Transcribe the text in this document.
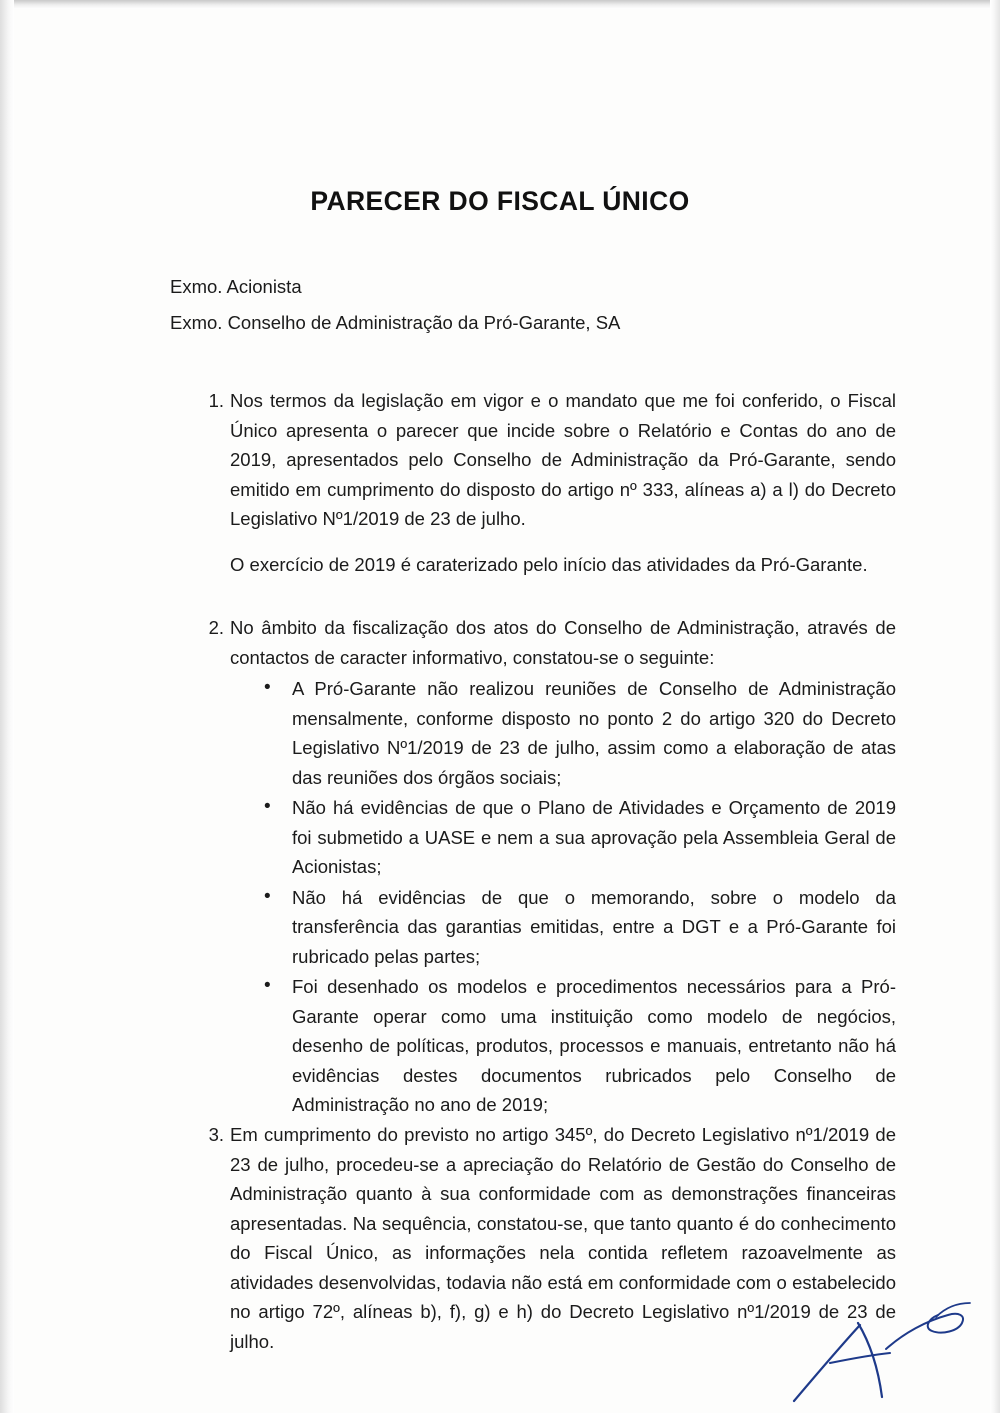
PARECER DO FISCAL ÚNICO
Exmo. Acionista
Exmo. Conselho de Administração da Pró-Garante, SA
1. Nos termos da legislação em vigor e o mandato que me foi conferido, o Fiscal Único apresenta o parecer que incide sobre o Relatório e Contas do ano de 2019, apresentados pelo Conselho de Administração da Pró-Garante, sendo emitido em cumprimento do disposto do artigo nº 333, alíneas a) a l) do Decreto Legislativo Nº1/2019 de 23 de julho.
O exercício de 2019 é caraterizado pelo início das atividades da Pró-Garante.
2. No âmbito da fiscalização dos atos do Conselho de Administração, através de contactos de caracter informativo, constatou-se o seguinte:
• A Pró-Garante não realizou reuniões de Conselho de Administração mensalmente, conforme disposto no ponto 2 do artigo 320 do Decreto Legislativo Nº1/2019 de 23 de julho, assim como a elaboração de atas das reuniões dos órgãos sociais;
• Não há evidências de que o Plano de Atividades e Orçamento de 2019 foi submetido a UASE e nem a sua aprovação pela Assembleia Geral de Acionistas;
• Não há evidências de que o memorando, sobre o modelo da transferência das garantias emitidas, entre a DGT e a Pró-Garante foi rubricado pelas partes;
• Foi desenhado os modelos e procedimentos necessários para a Pró-Garante operar como uma instituição como modelo de negócios, desenho de políticas, produtos, processos e manuais, entretanto não há evidências destes documentos rubricados pelo Conselho de Administração no ano de 2019;
3. Em cumprimento do previsto no artigo 345º, do Decreto Legislativo nº1/2019 de 23 de julho, procedeu-se a apreciação do Relatório de Gestão do Conselho de Administração quanto à sua conformidade com as demonstrações financeiras apresentadas. Na sequência, constatou-se, que tanto quanto é do conhecimento do Fiscal Único, as informações nela contida refletem razoavelmente as atividades desenvolvidas, todavia não está em conformidade com o estabelecido no artigo 72º, alíneas b), f), g) e h) do Decreto Legislativo nº1/2019 de 23 de julho.
